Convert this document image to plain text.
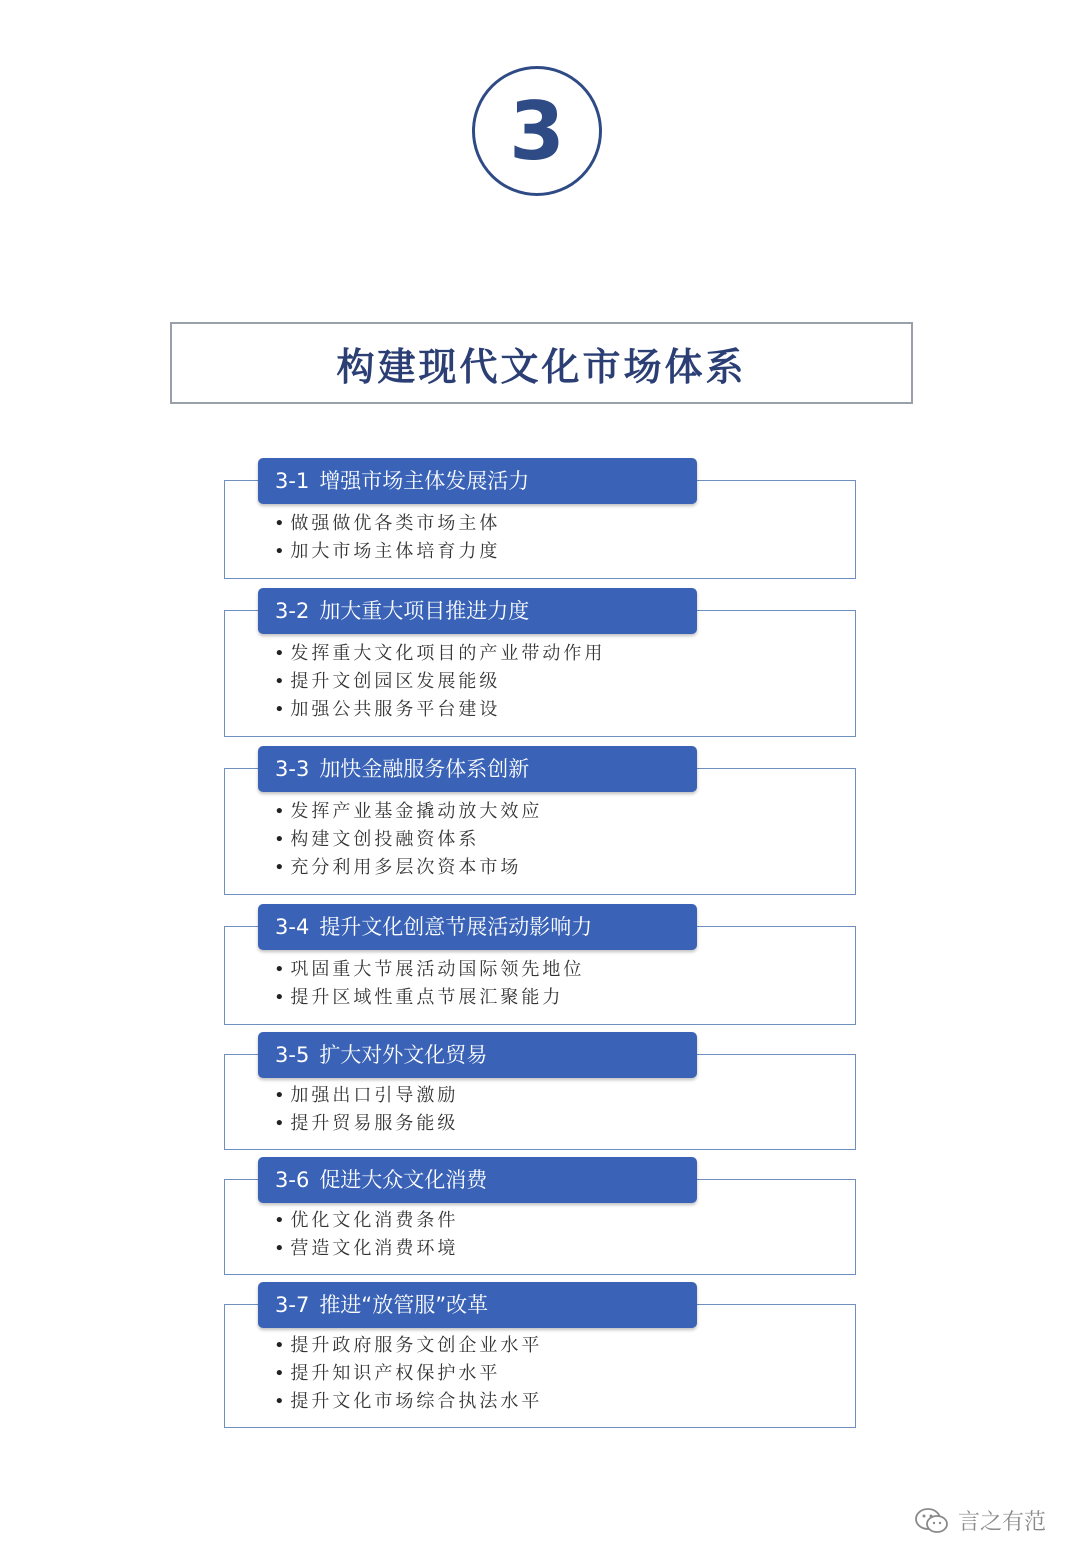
3
构建现代文化市场体系
3-1 增强市场主体发展活力
• 做强做优各类市场主体
• 加大市场主体培育力度
3-2 加大重大项目推进力度
• 发挥重大文化项目的产业带动作用
• 提升文创园区发展能级
• 加强公共服务平台建设
3-3 加快金融服务体系创新
• 发挥产业基金撬动放大效应
• 构建文创投融资体系
• 充分利用多层次资本市场
3-4 提升文化创意节展活动影响力
• 巩固重大节展活动国际领先地位
• 提升区域性重点节展汇聚能力
3-5 扩大对外文化贸易
• 加强出口引导激励
• 提升贸易服务能级
3-6 促进大众文化消费
• 优化文化消费条件
• 营造文化消费环境
3-7 推进“放管服”改革
• 提升政府服务文创企业水平
• 提升知识产权保护水平
• 提升文化市场综合执法水平
言之有范
